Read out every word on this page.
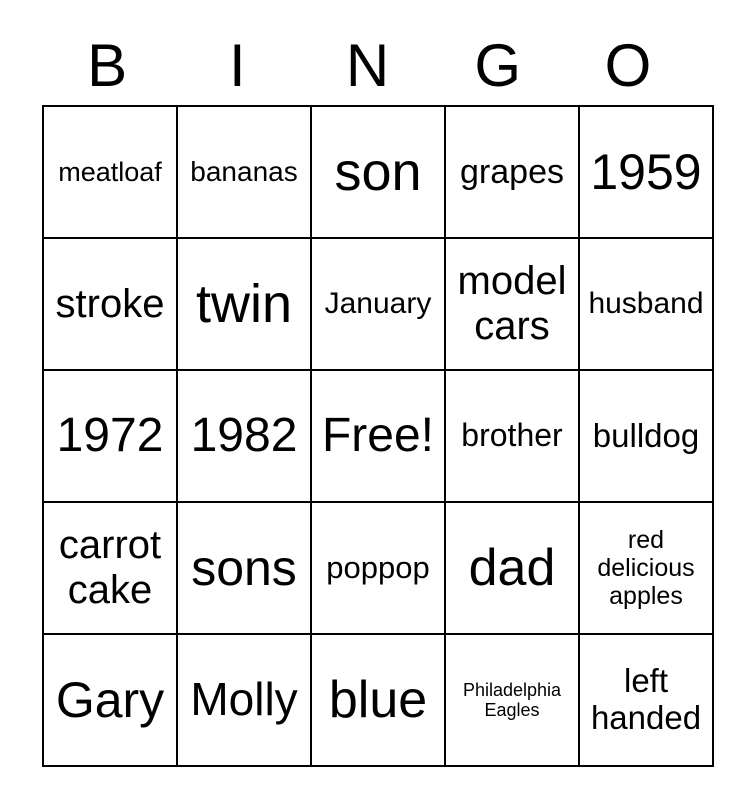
B	I	N	G	O
meatloaf	bananas	son	grapes	1959
stroke	twin	January	model cars	husband
1972	1982	Free!	brother	bulldog
carrot cake	sons	poppop	dad	red delicious apples
Gary	Molly	blue	Philadelphia Eagles	left handed
